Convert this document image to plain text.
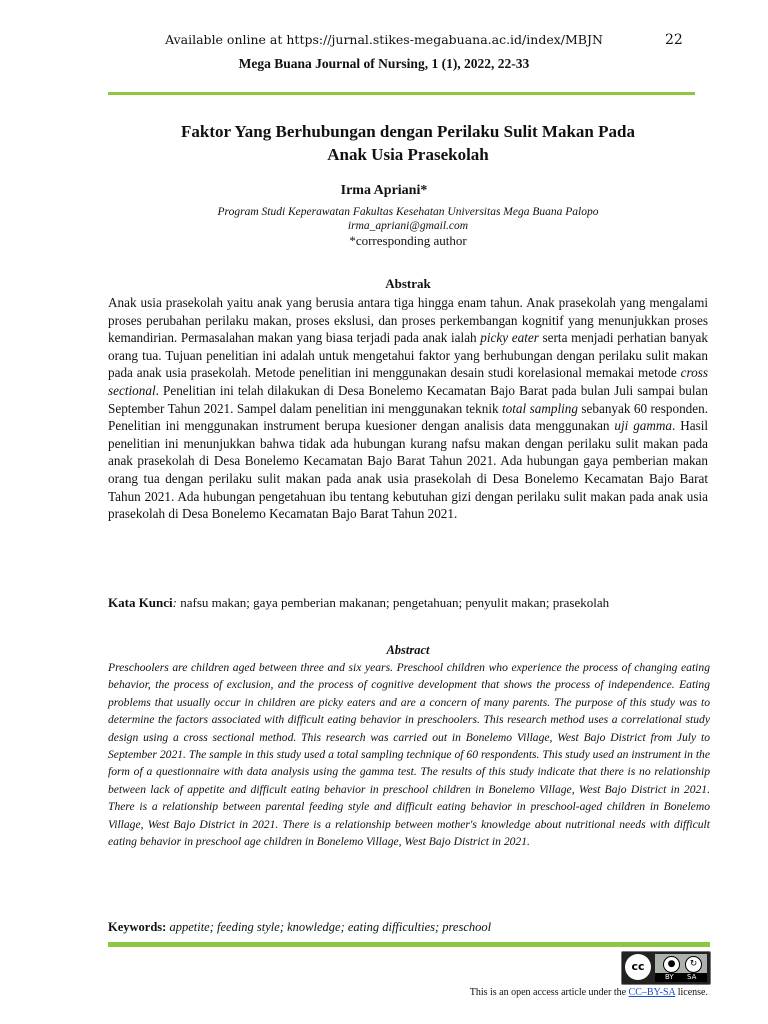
Available online at https://jurnal.stikes-megabuana.ac.id/index/MBJN	22
Mega Buana Journal of Nursing, 1 (1), 2022, 22-33
Faktor Yang Berhubungan dengan Perilaku Sulit Makan Pada
Anak Usia Prasekolah
Irma Apriani*
Program Studi Keperawatan Fakultas Kesehatan Universitas Mega Buana Palopo
irma_apriani@gmail.com
*corresponding author
Abstrak
Anak usia prasekolah yaitu anak yang berusia antara tiga hingga enam tahun. Anak prasekolah yang mengalami proses perubahan perilaku makan, proses ekslusi, dan proses perkembangan kognitif yang menunjukkan proses kemandirian. Permasalahan makan yang biasa terjadi pada anak ialah picky eater serta menjadi perhatian banyak orang tua. Tujuan penelitian ini adalah untuk mengetahui faktor yang berhubungan dengan perilaku sulit makan pada anak usia prasekolah. Metode penelitian ini menggunakan desain studi korelasional memakai metode cross sectional. Penelitian ini telah dilakukan di Desa Bonelemo Kecamatan Bajo Barat pada bulan Juli sampai bulan September Tahun 2021. Sampel dalam penelitian ini menggunakan teknik total sampling sebanyak 60 responden. Penelitian ini menggunakan instrument berupa kuesioner dengan analisis data menggunakan uji gamma. Hasil penelitian ini menunjukkan bahwa tidak ada hubungan kurang nafsu makan dengan perilaku sulit makan pada anak prasekolah di Desa Bonelemo Kecamatan Bajo Barat Tahun 2021. Ada hubungan gaya pemberian makan orang tua dengan perilaku sulit makan pada anak usia prasekolah di Desa Bonelemo Kecamatan Bajo Barat Tahun 2021. Ada hubungan pengetahuan ibu tentang kebutuhan gizi dengan perilaku sulit makan pada anak usia prasekolah di Desa Bonelemo Kecamatan Bajo Barat Tahun 2021.
Kata Kunci: nafsu makan; gaya pemberian makanan; pengetahuan; penyulit makan; prasekolah
Abstract
Preschoolers are children aged between three and six years. Preschool children who experience the process of changing eating behavior, the process of exclusion, and the process of cognitive development that shows the process of independence. Eating problems that usually occur in children are picky eaters and are a concern of many parents. The purpose of this study was to determine the factors associated with difficult eating behavior in preschoolers. This research method uses a correlational study design using a cross sectional method. This research was carried out in Bonelemo Village, West Bajo District from July to September 2021. The sample in this study used a total sampling technique of 60 respondents. This study used an instrument in the form of a questionnaire with data analysis using the gamma test. The results of this study indicate that there is no relationship between lack of appetite and difficult eating behavior in preschool children in Bonelemo Village, West Bajo District in 2021. There is a relationship between parental feeding style and difficult eating behavior in preschool-aged children in Bonelemo Village, West Bajo District in 2021. There is a relationship between mother's knowledge about nutritional needs with difficult eating behavior in preschool age children in Bonelemo Village, West Bajo District in 2021.
Keywords: appetite; feeding style; knowledge; eating difficulties; preschool
cc	●	↻
BY SA
This is an open access article under the CC–BY-SA license.
